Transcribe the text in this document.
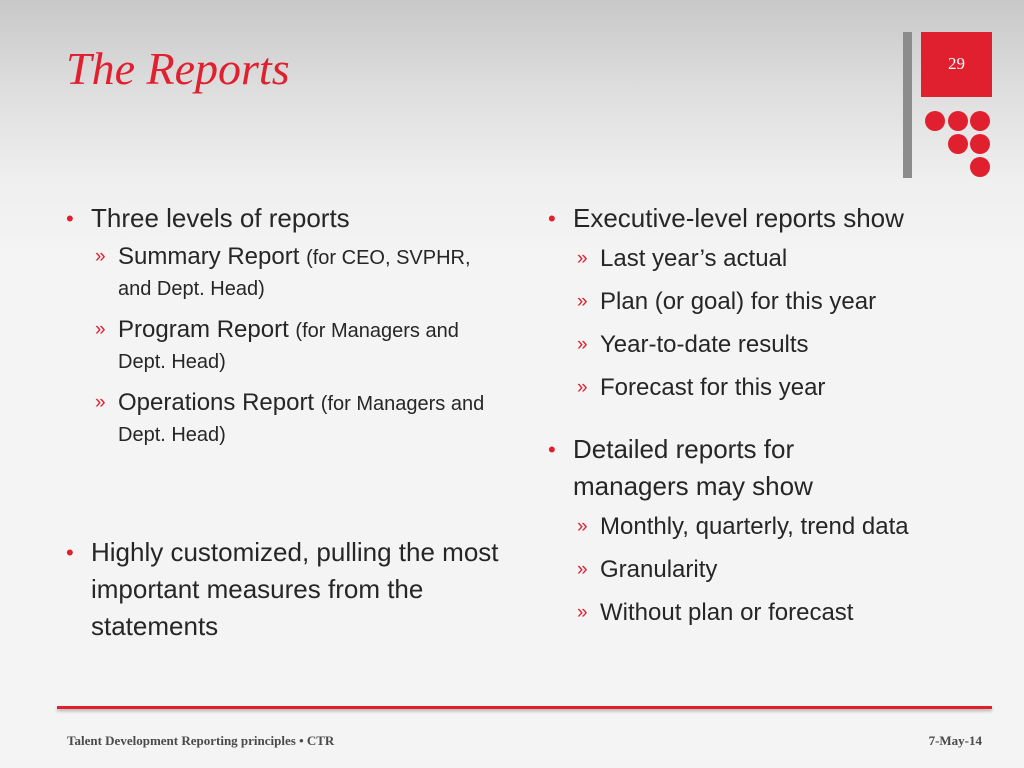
The Reports	29
• Three levels of reports
» Summary Report (for CEO, SVPHR, and Dept. Head)
» Program Report (for Managers and Dept. Head)
» Operations Report (for Managers and Dept. Head)
• Highly customized, pulling the most important measures from the statements
• Executive-level reports show
» Last year’s actual
» Plan (or goal) for this year
» Year-to-date results
» Forecast for this year
• Detailed reports for managers may show
» Monthly, quarterly, trend data
» Granularity
» Without plan or forecast
Talent Development Reporting principles • CTR	7-May-14
